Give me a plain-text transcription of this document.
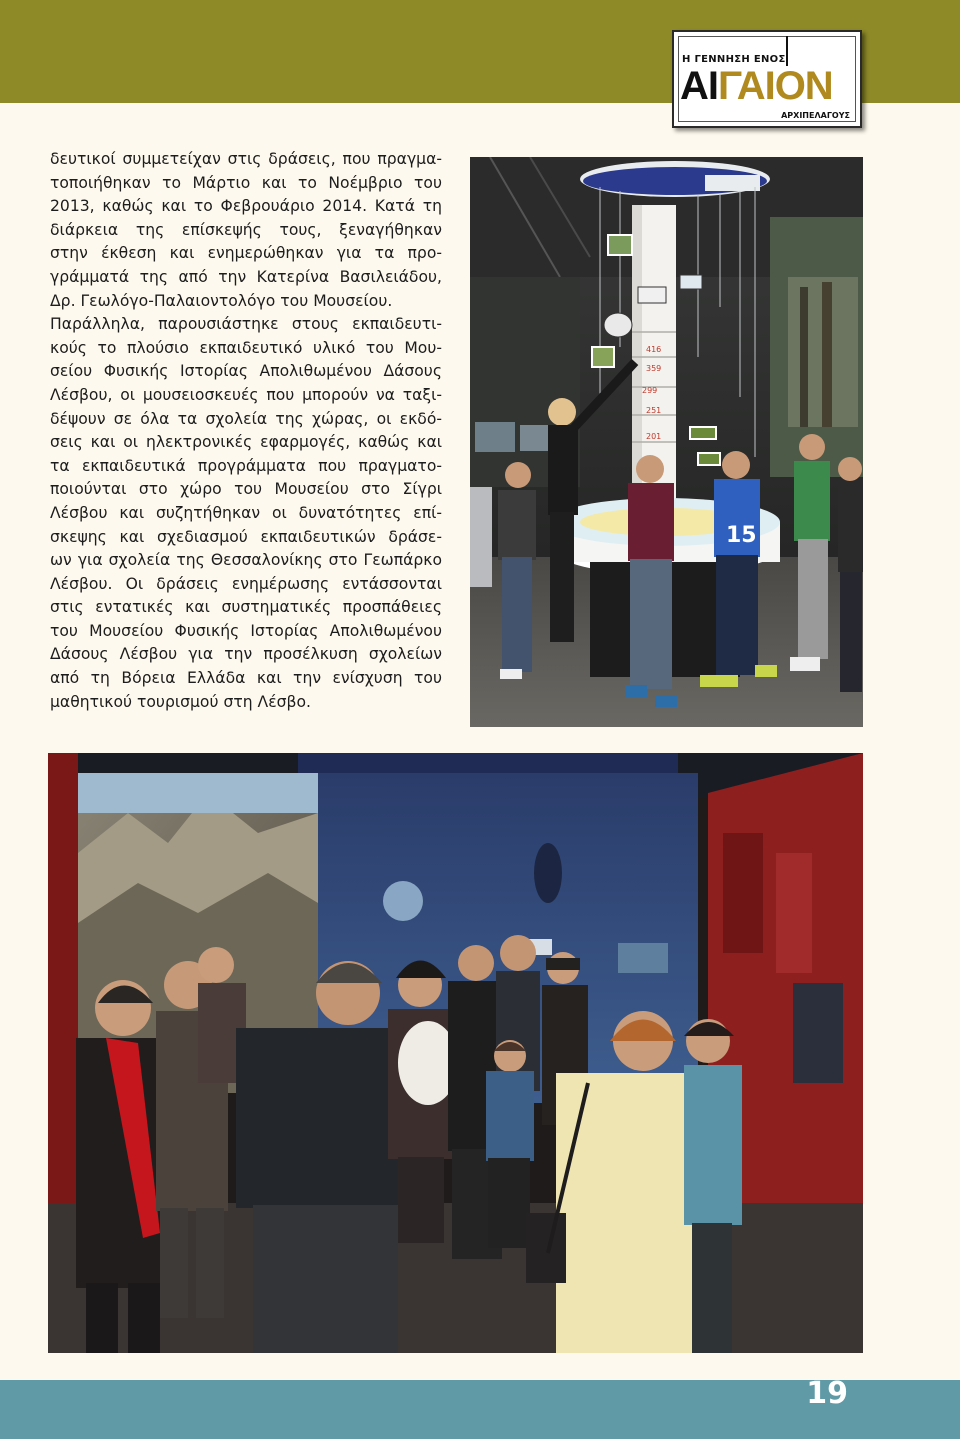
Η ΓΕΝΝΗΣΗ ΕΝΟΣ
ΑΙΓΑΙΟΝ
ΑΡΧΙΠΕΛΑΓΟΥΣ

δευτικοί συμμετείχαν στις δράσεις, που πραγμα-
τοποιήθηκαν το Μάρτιο και το Νοέμβριο του
2013, καθώς και το Φεβρουάριο 2014. Κατά τη
διάρκεια της επίσκεψής τους, ξεναγήθηκαν
στην έκθεση και ενημερώθηκαν για τα προ-
γράμματά της από την Κατερίνα Βασιλειάδου,
Δρ. Γεωλόγο-Παλαιοντολόγο του Μουσείου.
Παράλληλα, παρουσιάστηκε στους εκπαιδευτι-
κούς το πλούσιο εκπαιδευτικό υλικό του Μου-
σείου Φυσικής Ιστορίας Απολιθωμένου Δάσους
Λέσβου, οι μουσειοσκευές που μπορούν να ταξι-
δέψουν σε όλα τα σχολεία της χώρας, οι εκδό-
σεις και οι ηλεκτρονικές εφαρμογές, καθώς και
τα εκπαιδευτικά προγράμματα που πραγματο-
ποιούνται στο χώρο του Μουσείου στο Σίγρι
Λέσβου και συζητήθηκαν οι δυνατότητες επί-
σκεψης και σχεδιασμού εκπαιδευτικών δράσε-
ων για σχολεία της Θεσσαλονίκης στο Γεωπάρκο
Λέσβου. Οι δράσεις ενημέρωσης εντάσσονται
στις εντατικές και συστηματικές προσπάθειες
του Μουσείου Φυσικής Ιστορίας Απολιθωμένου
Δάσους Λέσβου για την προσέλκυση σχολείων
από τη Βόρεια Ελλάδα και την ενίσχυση του
μαθητικού τουρισμού στη Λέσβο.

416
359
299
251
201
15
19
